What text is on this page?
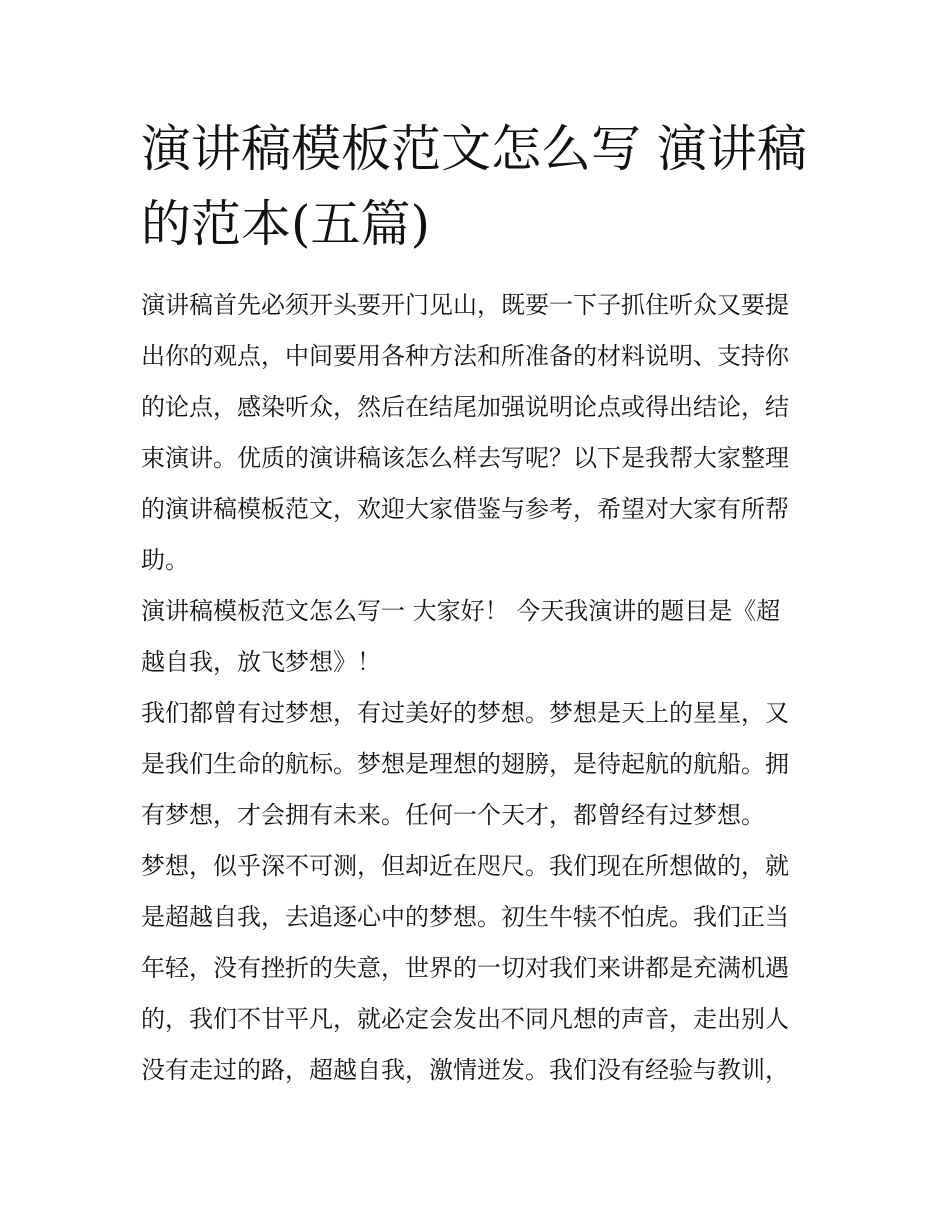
演讲稿模板范文怎么写 演讲稿
的范本(五篇)

演讲稿首先必须开头要开门见山，既要一下子抓住听众又要提
出你的观点，中间要用各种方法和所准备的材料说明、支持你
的论点，感染听众，然后在结尾加强说明论点或得出结论，结
束演讲。优质的演讲稿该怎么样去写呢？以下是我帮大家整理
的演讲稿模板范文，欢迎大家借鉴与参考，希望对大家有所帮
助。

演讲稿模板范文怎么写一 大家好！ 今天我演讲的题目是《超
越自我，放飞梦想》！

我们都曾有过梦想，有过美好的梦想。梦想是天上的星星，又
是我们生命的航标。梦想是理想的翅膀，是待起航的航船。拥
有梦想，才会拥有未来。任何一个天才，都曾经有过梦想。

梦想，似乎深不可测，但却近在咫尺。我们现在所想做的，就
是超越自我，去追逐心中的梦想。初生牛犊不怕虎。我们正当
年轻，没有挫折的失意，世界的一切对我们来讲都是充满机遇
的，我们不甘平凡，就必定会发出不同凡想的声音，走出别人
没有走过的路，超越自我，激情迸发。我们没有经验与教训，
